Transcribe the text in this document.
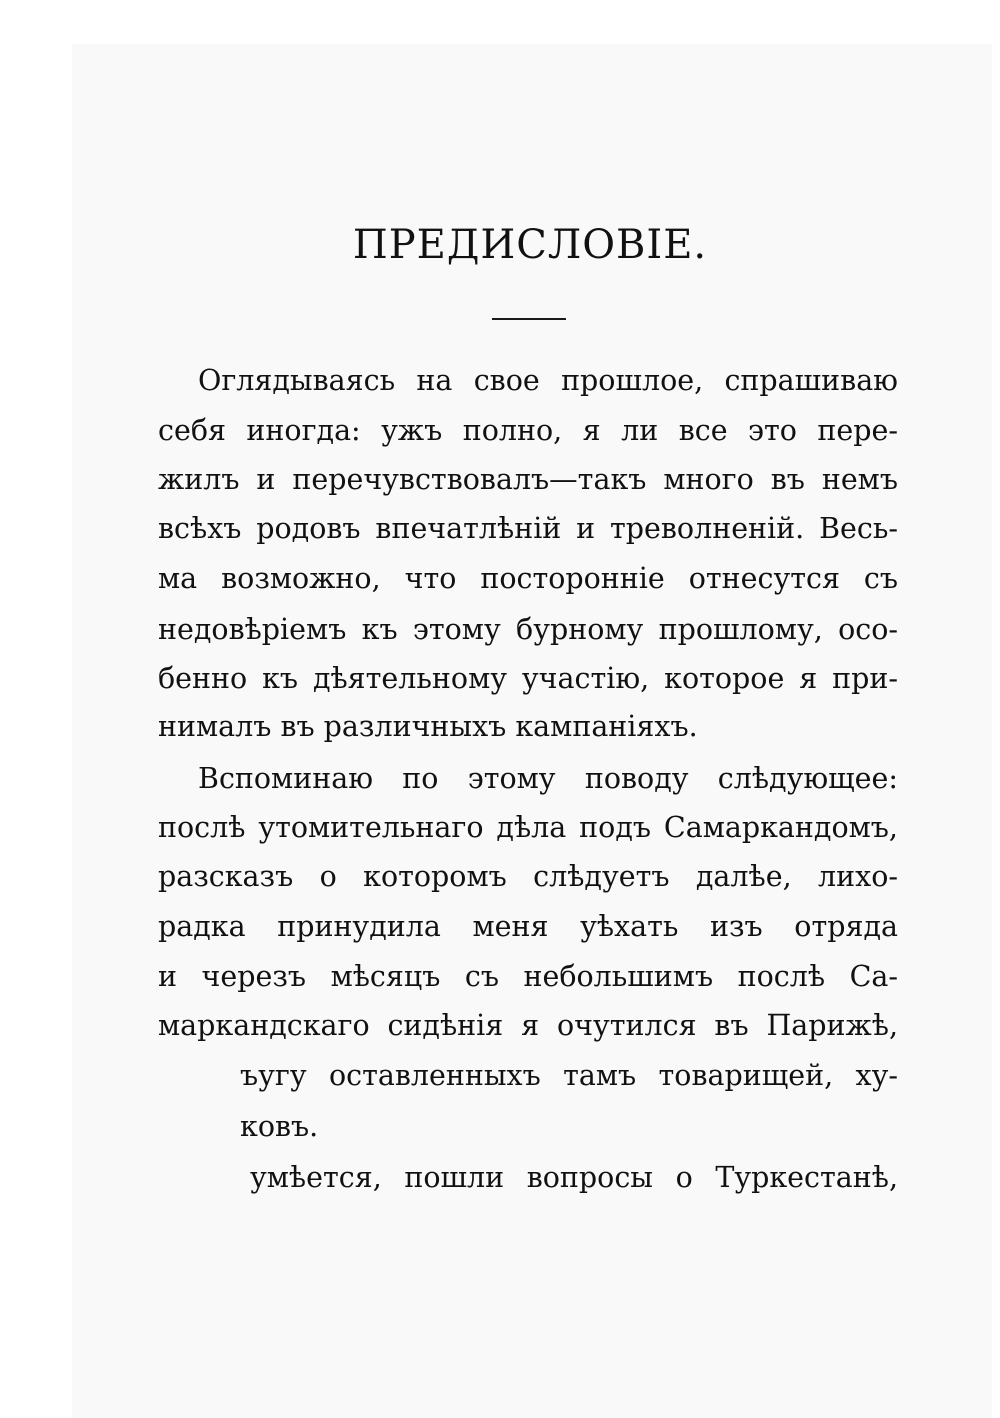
ПРЕДИСЛОВІЕ.
Оглядываясь на свое прошлое, спрашиваю
себя иногда: ужъ полно, я ли все это пере-
жилъ и перечувствовалъ—такъ много въ немъ
всѣхъ родовъ впечатлѣній и треволненій. Весь-
ма возможно, что посторонніе отнесутся съ
недовѣріемъ къ этому бурному прошлому, осо-
бенно къ дѣятельному участію, которое я при-
нималъ въ различныхъ кампаніяхъ.
Вспоминаю по этому поводу слѣдующее:
послѣ утомительнаго дѣла подъ Самаркандомъ,
разсказъ о которомъ слѣдуетъ далѣе, лихо-
радка принудила меня уѣхать изъ отряда
и черезъ мѣсяцъ съ небольшимъ послѣ Са-
маркандскаго сидѣнія я очутился въ Парижѣ,
ъугу оставленныхъ тамъ товарищей, ху-
ковъ.
умѣется, пошли вопросы о Туркестанѣ,
